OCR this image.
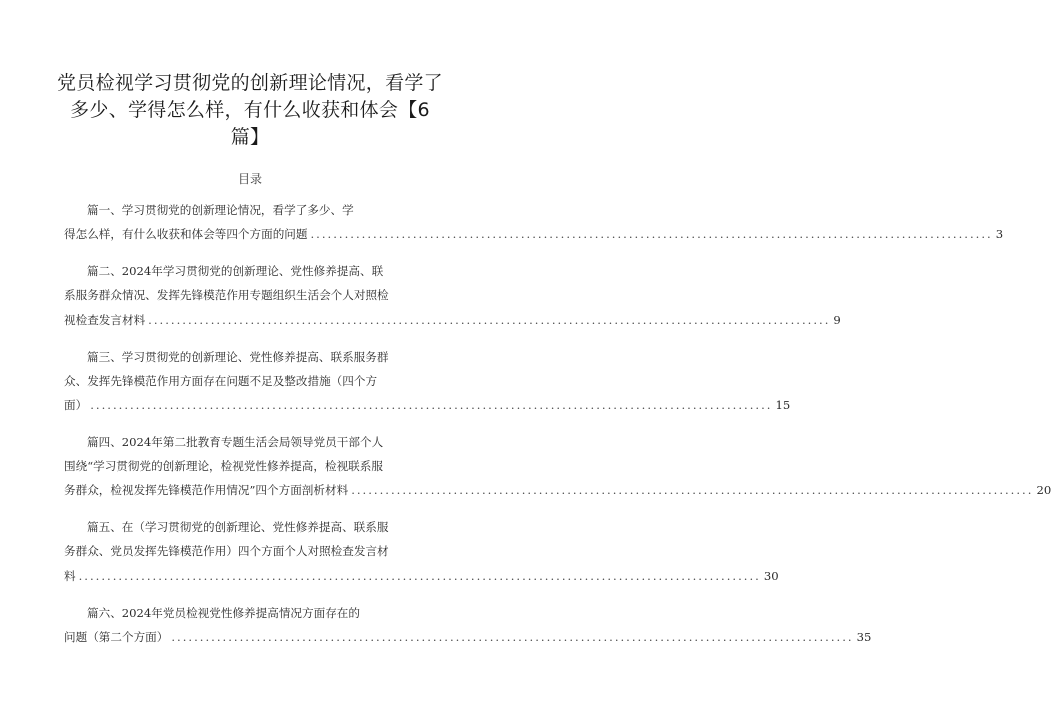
党员检视学习贯彻党的创新理论情况，看学了
多少、学得怎么样，有什么收获和体会【6
篇】
目录
篇一、学习贯彻党的创新理论情况，看学了多少、学
得怎么样，有什么收获和体会等四个方面的问题 ........................................................................................................................ 3
篇二、2024年学习贯彻党的创新理论、党性修养提高、联
系服务群众情况、发挥先锋模范作用专题组织生活会个人对照检
视检查发言材料 ........................................................................................................................ 9
篇三、学习贯彻党的创新理论、党性修养提高、联系服务群
众、发挥先锋模范作用方面存在问题不足及整改措施（四个方
面） ........................................................................................................................ 15
篇四、2024年第二批教育专题生活会局领导党员干部个人
围绕“学习贯彻党的创新理论，检视党性修养提高，检视联系服
务群众，检视发挥先锋模范作用情况”四个方面剖析材料 ........................................................................................................................ 20
篇五、在（学习贯彻党的创新理论、党性修养提高、联系服
务群众、党员发挥先锋模范作用）四个方面个人对照检查发言材
料 ........................................................................................................................ 30
篇六、2024年党员检视党性修养提高情况方面存在的
问题（第二个方面） ........................................................................................................................ 35
